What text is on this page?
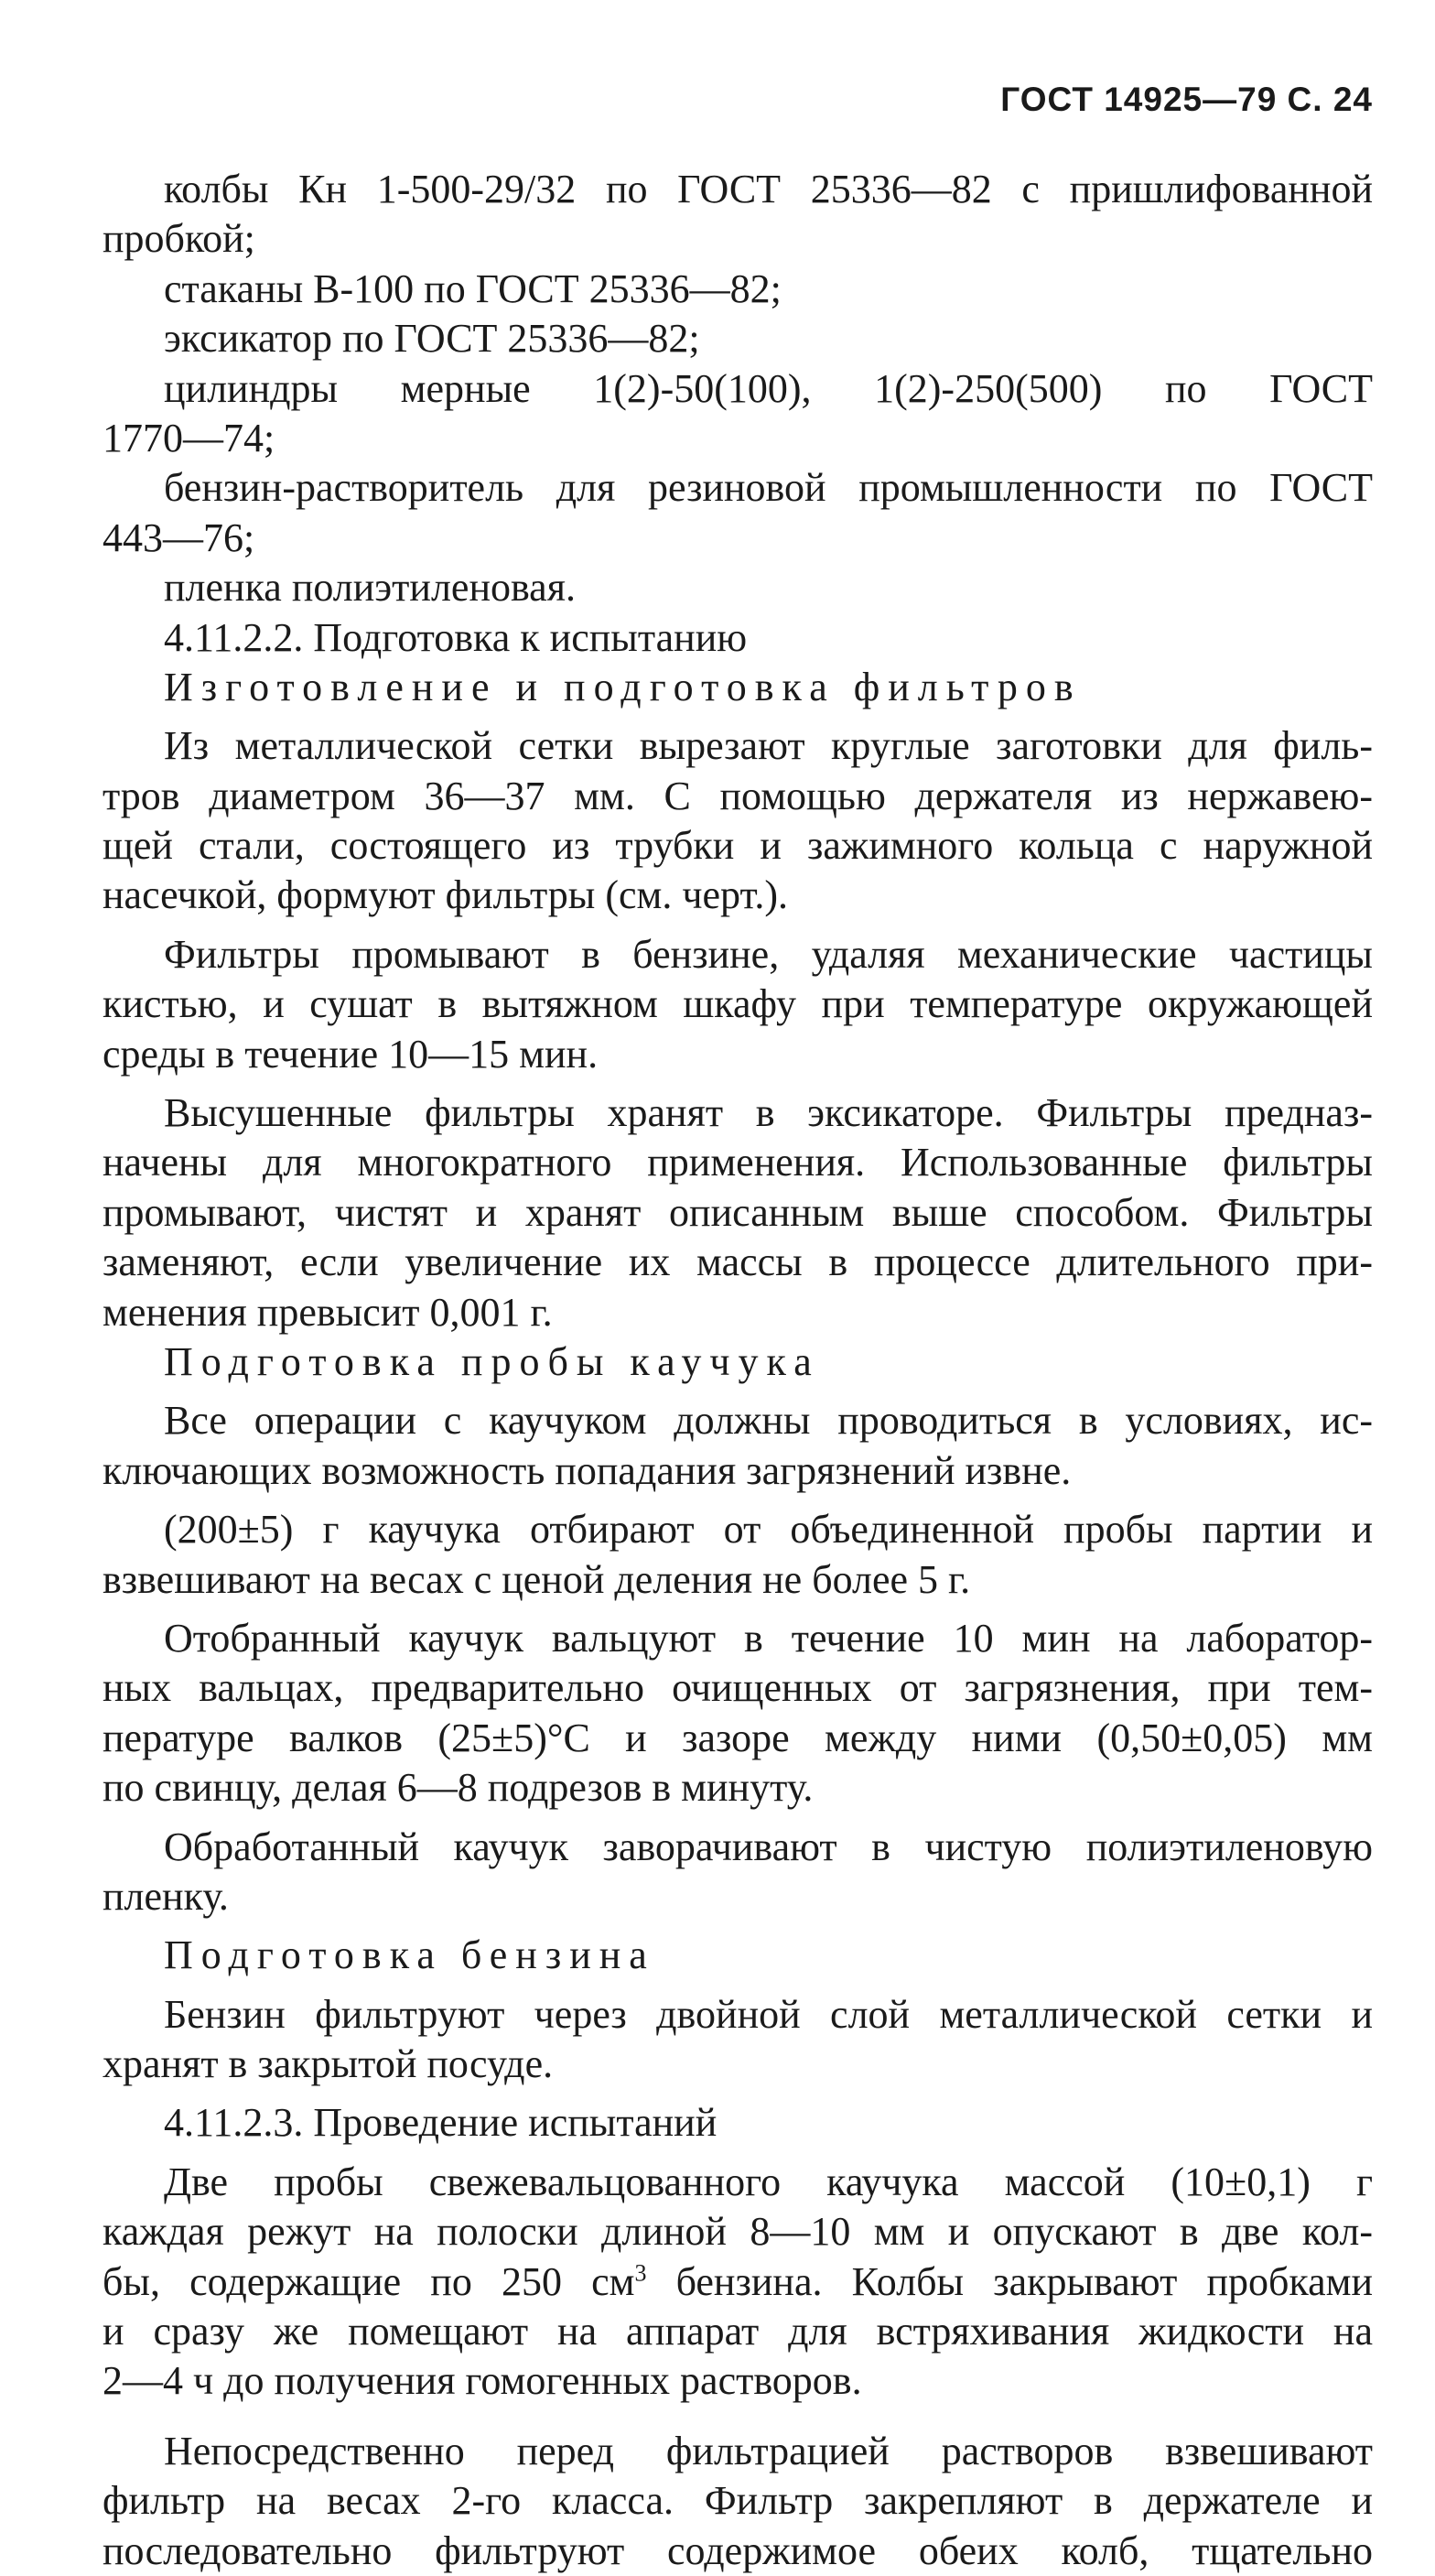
ГОСТ 14925—79 С. 24
колбы Кн 1-500-29/32 по ГОСТ 25336—82 с пришлифованной
пробкой;
стаканы В-100 по ГОСТ 25336—82;
эксикатор по ГОСТ 25336—82;
цилиндры мерные 1(2)-50(100), 1(2)-250(500) по ГОСТ
1770—74;
бензин-растворитель для резиновой промышленности по ГОСТ
443—76;
пленка полиэтиленовая.
4.11.2.2. Подготовка к испытанию
Изготовление и подготовка фильтров
Из металлической сетки вырезают круглые заготовки для филь-
тров диаметром 36—37 мм. С помощью держателя из нержавею-
щей стали, состоящего из трубки и зажимного кольца с наружной
насечкой, формуют фильтры (см. черт.).
Фильтры промывают в бензине, удаляя механические частицы
кистью, и сушат в вытяжном шкафу при температуре окружающей
среды в течение 10—15 мин.
Высушенные фильтры хранят в эксикаторе. Фильтры предназ-
начены для многократного применения. Использованные фильтры
промывают, чистят и хранят описанным выше способом. Фильтры
заменяют, если увеличение их массы в процессе длительного при-
менения превысит 0,001 г.
Подготовка пробы каучука
Все операции с каучуком должны проводиться в условиях, ис-
ключающих возможность попадания загрязнений извне.
(200±5) г каучука отбирают от объединенной пробы партии и
взвешивают на весах с ценой деления не более 5 г.
Отобранный каучук вальцуют в течение 10 мин на лаборатор-
ных вальцах, предварительно очищенных от загрязнения, при тем-
пературе валков (25±5)°С и зазоре между ними (0,50±0,05) мм
по свинцу, делая 6—8 подрезов в минуту.
Обработанный каучук заворачивают в чистую полиэтиленовую
пленку.
Подготовка бензина
Бензин фильтруют через двойной слой металлической сетки и
хранят в закрытой посуде.
4.11.2.3. Проведение испытаний
Две пробы свежевальцованного каучука массой (10±0,1) г
каждая режут на полоски длиной 8—10 мм и опускают в две кол-
бы, содержащие по 250 $см^3$ бензина. Колбы закрывают пробками
и сразу же помещают на аппарат для встряхивания жидкости на
2—4 ч до получения гомогенных растворов.
Непосредственно перед фильтрацией растворов взвешивают
фильтр на весах 2-го класса. Фильтр закрепляют в держателе и
последовательно фильтруют содержимое обеих колб, тщательно
